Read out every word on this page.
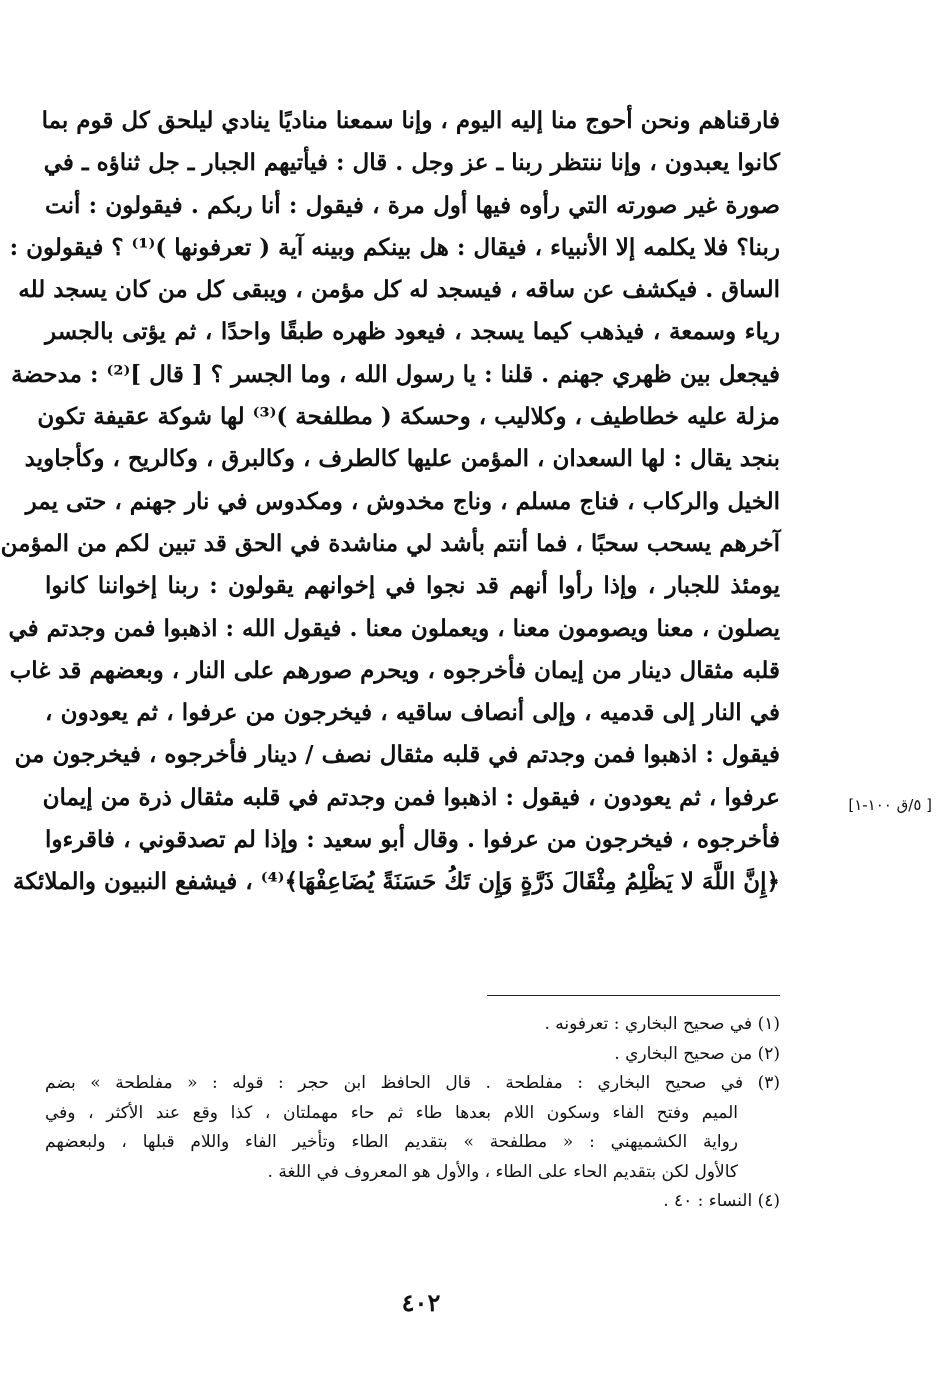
فارقناهم ونحن أحوج منا إليه اليوم ، وإنا سمعنا مناديًا ينادي ليلحق كل قوم بما
كانوا يعبدون ، وإنا ننتظر ربنا ـ عز وجل . قال : فيأتيهم الجبار ـ جل ثناؤه ـ في
صورة غير صورته التي رأوه فيها أول مرة ، فيقول : أنا ربكم . فيقولون : أنت
ربنا؟ فلا يكلمه إلا الأنبياء ، فيقال : هل بينكم وبينه آية ( تعرفونها )⁽¹⁾ ؟ فيقولون :
الساق . فيكشف عن ساقه ، فيسجد له كل مؤمن ، ويبقى كل من كان يسجد لله
رياء وسمعة ، فيذهب كيما يسجد ، فيعود ظهره طبقًا واحدًا ، ثم يؤتى بالجسر
فيجعل بين ظهري جهنم . قلنا : يا رسول الله ، وما الجسر ؟ [ قال ]⁽²⁾ : مدحضة
مزلة عليه خطاطيف ، وكلاليب ، وحسكة ( مطلفحة )⁽³⁾ لها شوكة عقيفة تكون
بنجد يقال : لها السعدان ، المؤمن عليها كالطرف ، وكالبرق ، وكالريح ، وكأجاويد
الخيل والركاب ، فناج مسلم ، وناج مخدوش ، ومكدوس في نار جهنم ، حتى يمر
آخرهم يسحب سحبًا ، فما أنتم بأشد لي مناشدة في الحق قد تبين لكم من المؤمن
يومئذ للجبار ، وإذا رأوا أنهم قد نجوا في إخوانهم يقولون : ربنا إخواننا كانوا
يصلون ، معنا ويصومون معنا ، ويعملون معنا . فيقول الله : اذهبوا فمن وجدتم في
قلبه مثقال دينار من إيمان فأخرجوه ، ويحرم صورهم على النار ، وبعضهم قد غاب
في النار إلى قدميه ، وإلى أنصاف ساقيه ، فيخرجون من عرفوا ، ثم يعودون ،
فيقول : اذهبوا فمن وجدتم في قلبه مثقال نصف / دينار فأخرجوه ، فيخرجون من
عرفوا ، ثم يعودون ، فيقول : اذهبوا فمن وجدتم في قلبه مثقال ذرة من إيمان
فأخرجوه ، فيخرجون من عرفوا . وقال أبو سعيد : وإذا لم تصدقوني ، فاقرءوا
﴿إِنَّ اللَّهَ لا يَظْلِمُ مِثْقَالَ ذَرَّةٍ وَإِن تَكُ حَسَنَةً يُضَاعِفْهَا﴾⁽⁴⁾ ، فيشفع النبيون والملائكة
[ ٥/ق ١٠٠-١]
(١) في صحيح البخاري : تعرفونه .
(٢) من صحيح البخاري .
(٣) في صحيح البخاري : مفلطحة . قال الحافظ ابن حجر : قوله : « مفلطحة » بضم
الميم وفتح الفاء وسكون اللام بعدها طاء ثم حاء مهملتان ، كذا وقع عند الأكثر ، وفي
رواية الكشميهني : « مطلفحة » بتقديم الطاء وتأخير الفاء واللام قبلها ، ولبعضهم
كالأول لكن بتقديم الحاء على الطاء ، والأول هو المعروف في اللغة .
(٤) النساء : ٤٠ .
٤٠٢
